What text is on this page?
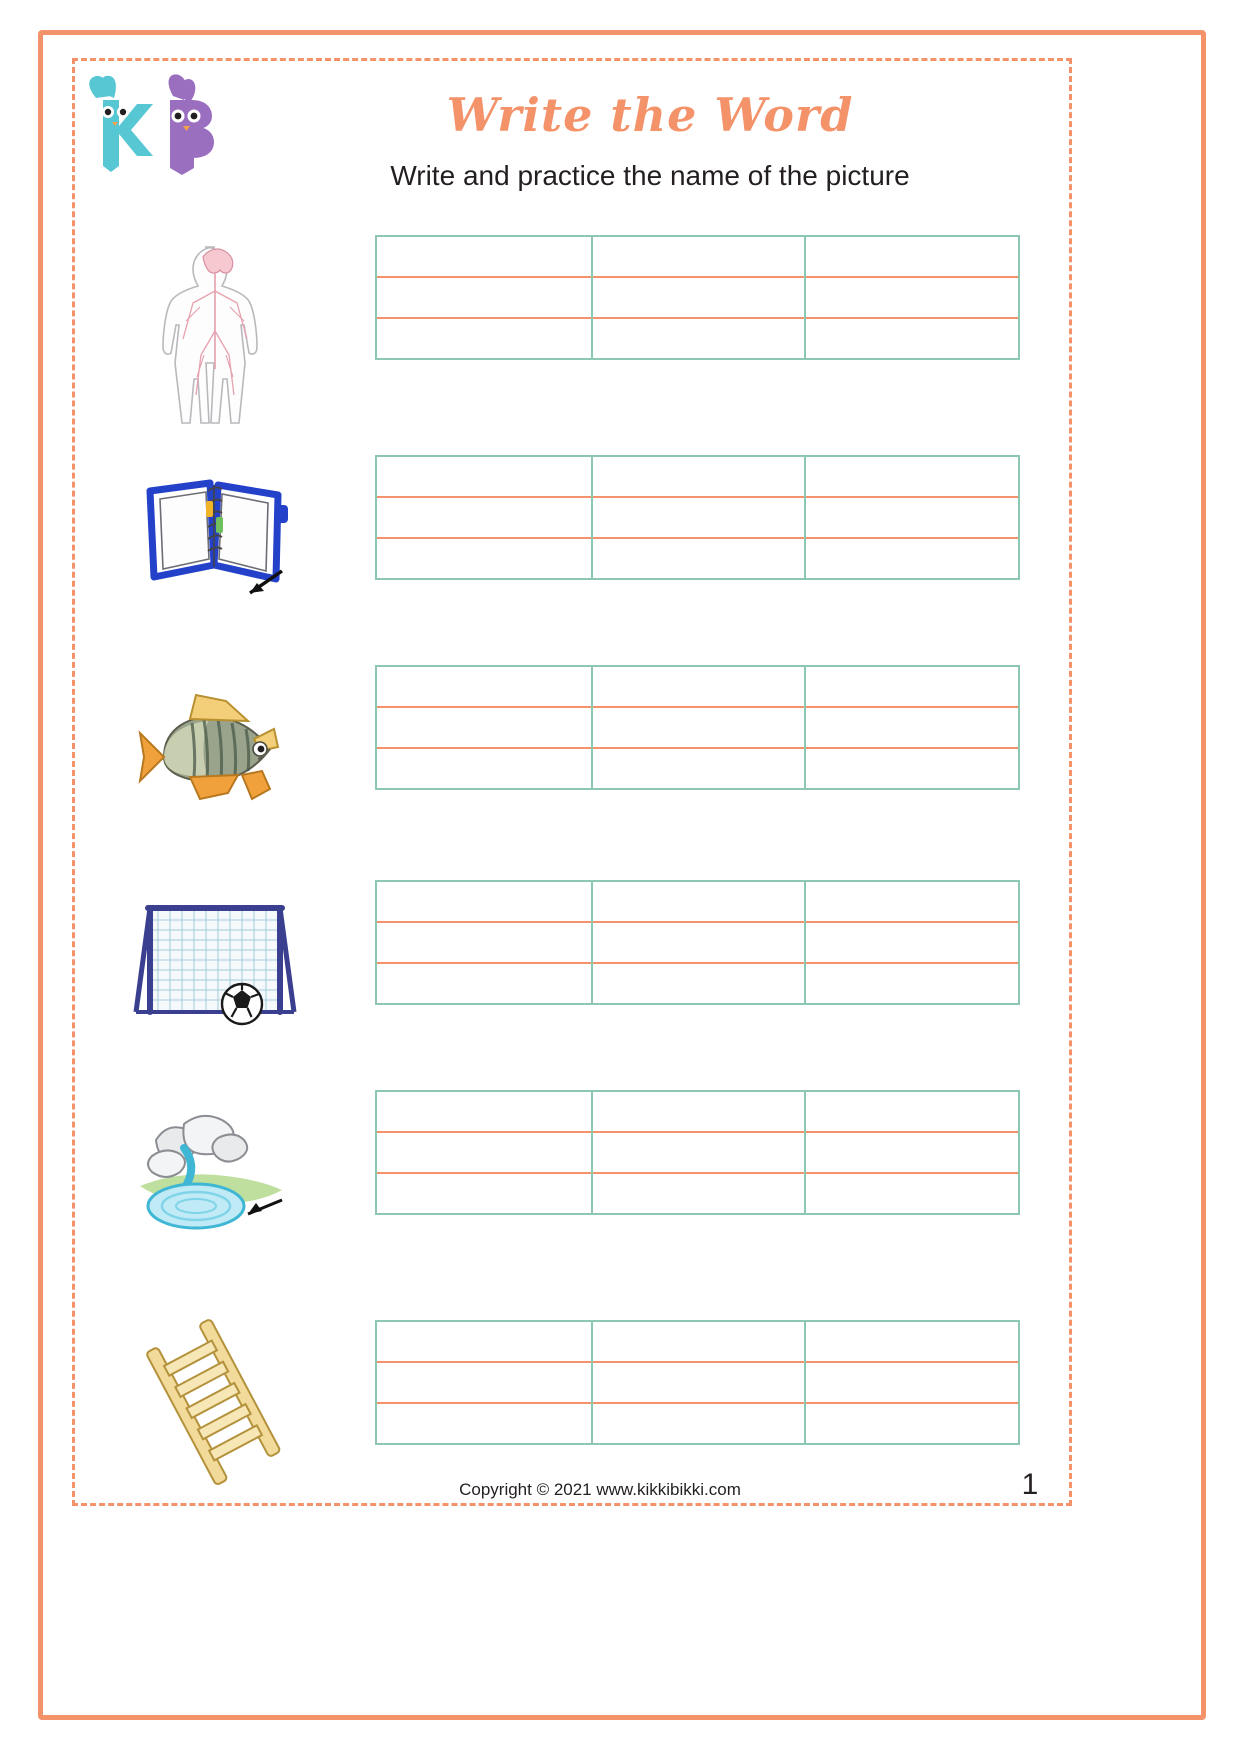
Write the Word
Write and practice the name of the picture
Copyright © 2021 www.kikkibikki.com	1
